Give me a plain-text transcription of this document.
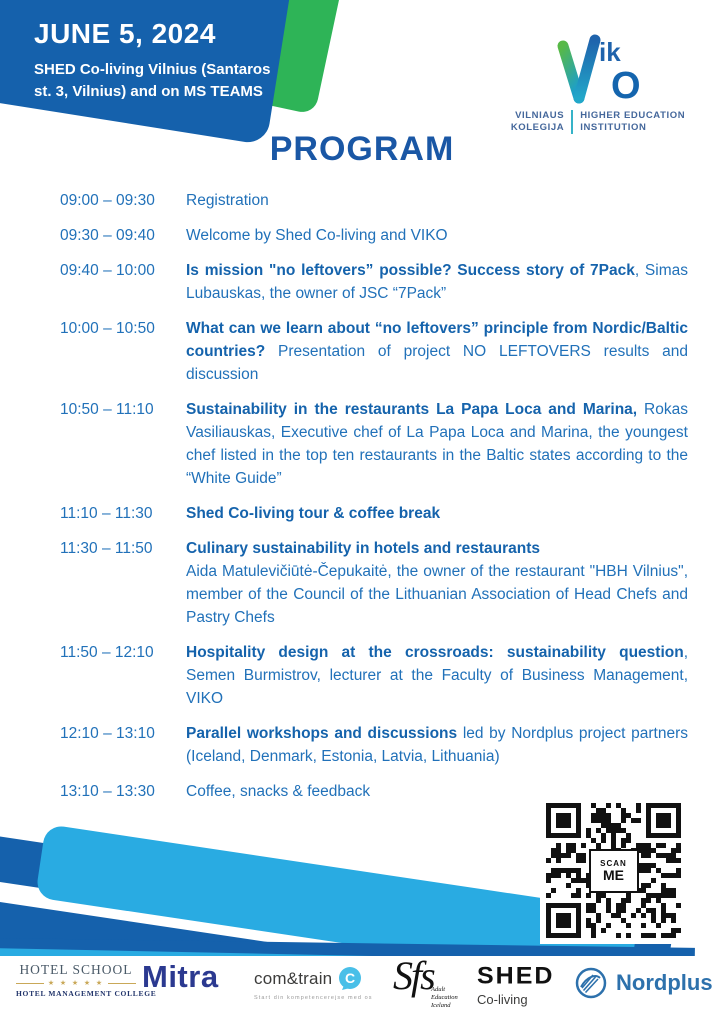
JUNE 5, 2024
SHED Co-living Vilnius (Santaros
st. 3, Vilnius) and on MS TEAMS
ik
O
VILNIAUS
KOLEGIJA
HIGHER EDUCATION
INSTITUTION
PROGRAM
09:00 – 09:30	Registration
09:30 – 09:40	Welcome by Shed Co-living and VIKO
09:40 – 10:00	Is mission "no leftovers” possible? Success story of 7Pack, Simas Lubauskas, the owner of JSC “7Pack”
10:00 – 10:50	What can we learn about “no leftovers” principle from Nordic/Baltic countries? Presentation of project NO LEFTOVERS results and discussion
10:50 – 11:10	Sustainability in the restaurants La Papa Loca and Marina, Rokas Vasiliauskas, Executive chef of La Papa Loca and Marina, the youngest chef listed in the top ten restaurants in the Baltic states according to the “White Guide”
11:10 – 11:30	Shed Co-living tour & coffee break
11:30 – 11:50	Culinary sustainability in hotels and restaurants
Aida Matulevičiūtė-Čepukaitė, the owner of the restaurant "HBH Vilnius", member of the Council of the Lithuanian Association of Head Chefs and Pastry Chefs
11:50 – 12:10	Hospitality design at the crossroads: sustainability question, Semen Burmistrov, lecturer at the Faculty of Business Management, VIKO
12:10 – 13:10	Parallel workshops and discussions led by Nordplus project partners (Iceland, Denmark, Estonia, Latvia, Lithuania)
13:10 – 13:30	Coffee, snacks & feedback
SCAN
ME
HOTEL SCHOOL
★ ★ ★ ★ ★
HOTEL MANAGEMENT COLLEGE
Mitra com&train C
Start din kompetencerejse med os Sfs
Adult
Education
Iceland
SHED
Co-living
Nordplus
